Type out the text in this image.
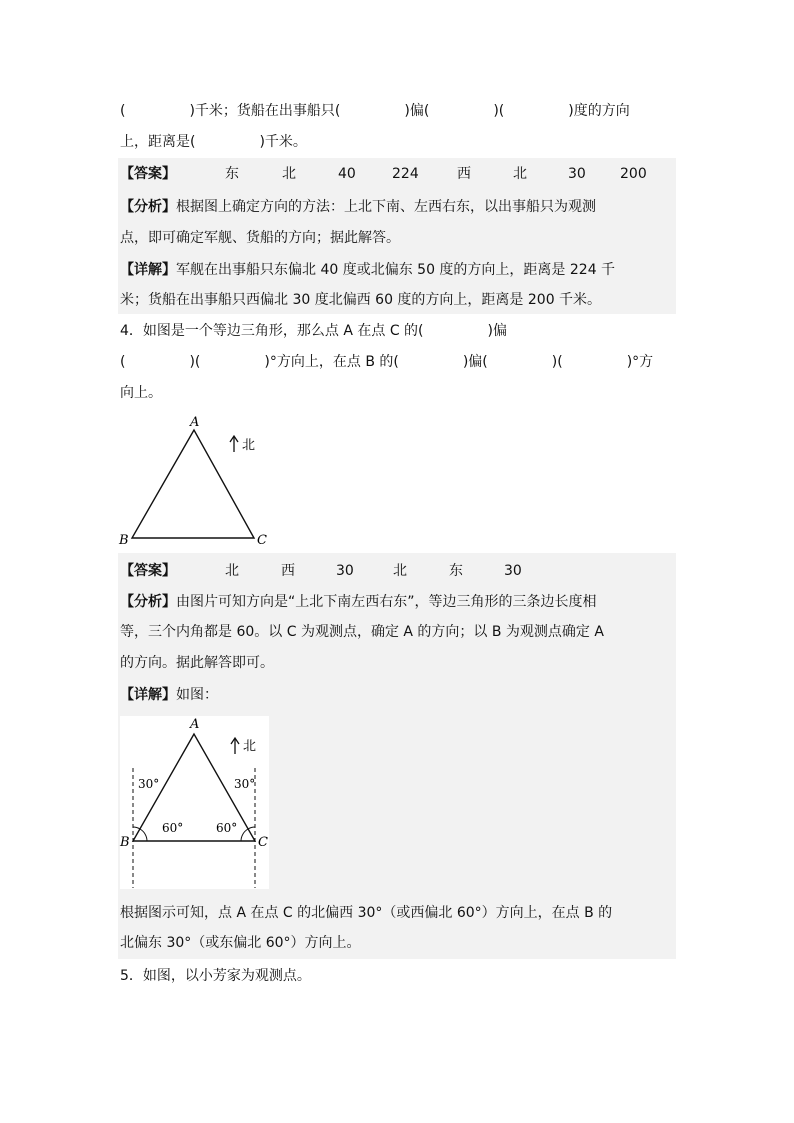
(	)千米；货船在出事船只(	)偏(	)(	)度的方向
上，距离是(	)千米。
【答案】	东	北	40	224	西	北	30 200
【分析】根据图上确定方向的方法：上北下南、左西右东，以出事船只为观测
点，即可确定军舰、货船的方向；据此解答。
【详解】军舰在出事船只东偏北 40 度或北偏东 50 度的方向上，距离是 224 千
米；货船在出事船只西偏北 30 度北偏西 60 度的方向上，距离是 200 千米。
4．如图是一个等边三角形，那么点 A 在点 C 的(	)偏
(	)(	)°方向上，在点 B 的(	)偏(	)(	)°方
向上。
A
B	C
北
【答案】	北	西	30	北	东	30
【分析】由图片可知方向是“上北下南左西右东”，等边三角形的三条边长度相
等，三个内角都是 60。以 C 为观测点，确定 A 的方向；以 B 为观测点确定 A
的方向。据此解答即可。
【详解】如图：
A
B	C
30°	30°
60°	60°
北
根据图示可知，点 A 在点 C 的北偏西 30°（或西偏北 60°）方向上，在点 B 的
北偏东 30°（或东偏北 60°）方向上。
5．如图，以小芳家为观测点。
